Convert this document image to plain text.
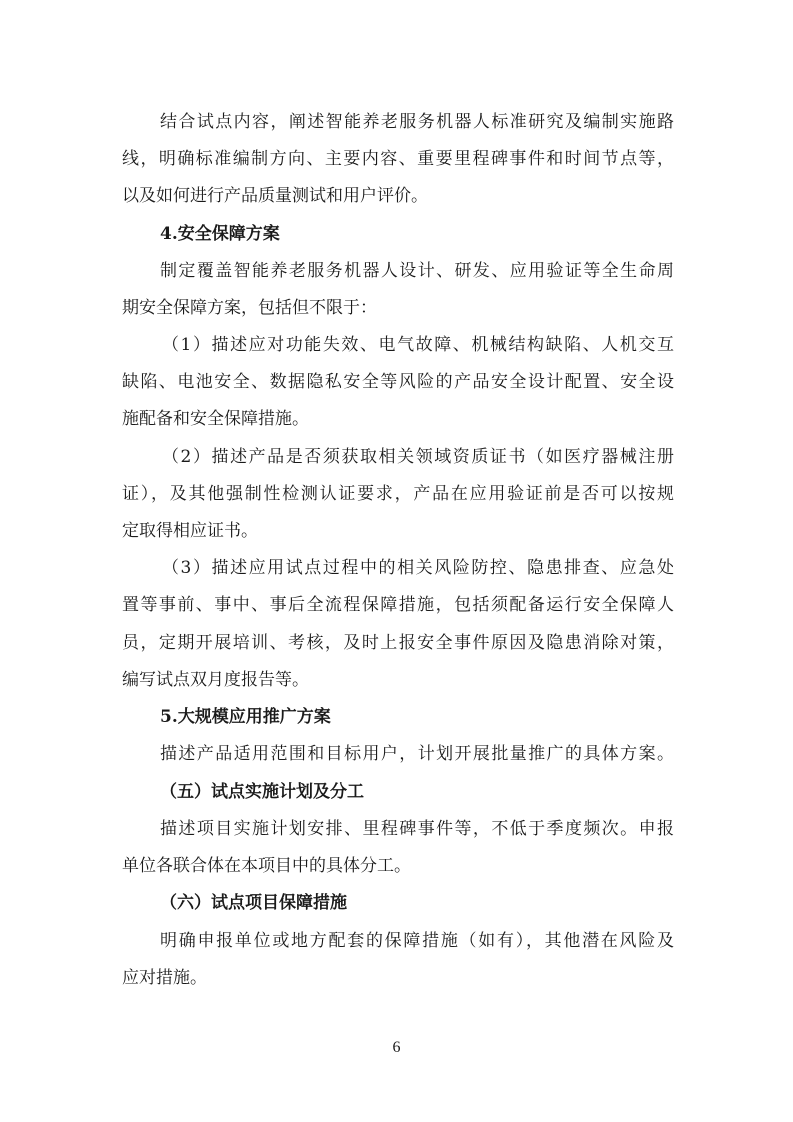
结合试点内容，阐述智能养老服务机器人标准研究及编制实施路
线，明确标准编制方向、主要内容、重要里程碑事件和时间节点等，
以及如何进行产品质量测试和用户评价。
4.安全保障方案
制定覆盖智能养老服务机器人设计、研发、应用验证等全生命周
期安全保障方案，包括但不限于：
（1）描述应对功能失效、电气故障、机械结构缺陷、人机交互
缺陷、电池安全、数据隐私安全等风险的产品安全设计配置、安全设
施配备和安全保障措施。
（2）描述产品是否须获取相关领域资质证书（如医疗器械注册
证），及其他强制性检测认证要求，产品在应用验证前是否可以按规
定取得相应证书。
（3）描述应用试点过程中的相关风险防控、隐患排查、应急处
置等事前、事中、事后全流程保障措施，包括须配备运行安全保障人
员，定期开展培训、考核，及时上报安全事件原因及隐患消除对策，
编写试点双月度报告等。
5.大规模应用推广方案
描述产品适用范围和目标用户，计划开展批量推广的具体方案。
（五）试点实施计划及分工
描述项目实施计划安排、里程碑事件等，不低于季度频次。申报
单位各联合体在本项目中的具体分工。
（六）试点项目保障措施
明确申报单位或地方配套的保障措施（如有），其他潜在风险及
应对措施。
6
